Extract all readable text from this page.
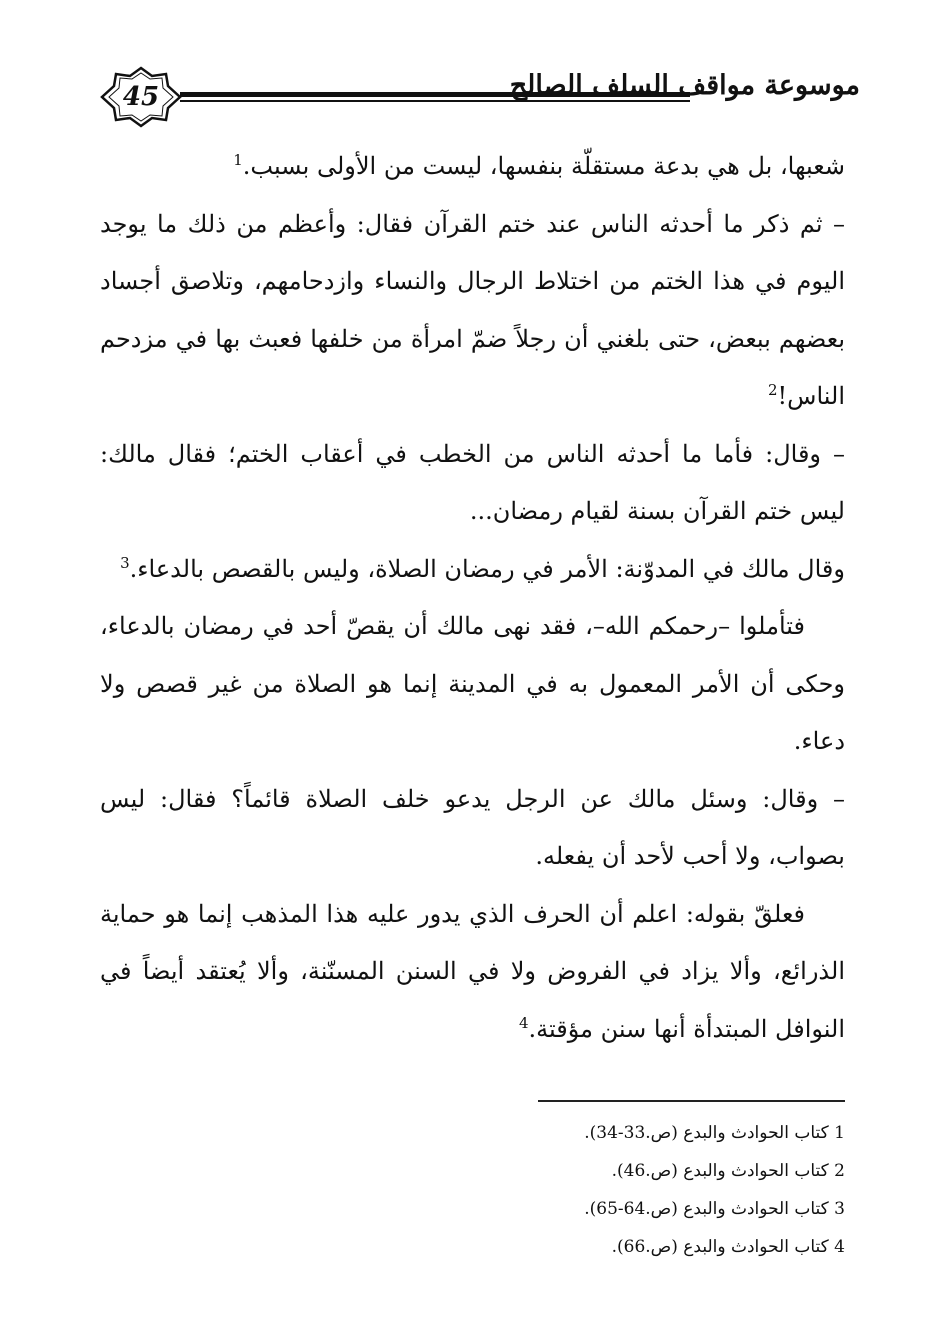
45	موسوعة مواقف السلف الصالح

شعبها، بل هي بدعة مستقلّة بنفسها، ليست من الأولى بسبب.$^1$

– ثم ذكر ما أحدثه الناس عند ختم القرآن فقال: وأعظم من ذلك ما يوجد اليوم في هذا الختم من اختلاط الرجال والنساء وازدحامهم، وتلاصق أجساد بعضهم ببعض، حتى بلغني أن رجلاً ضمّ امرأة من خلفها فعبث بها في مزدحم الناس!$^2$

– وقال: فأما ما أحدثه الناس من الخطب في أعقاب الختم؛ فقال مالك: ليس ختم القرآن بسنة لقيام رمضان...

وقال مالك في المدوّنة: الأمر في رمضان الصلاة، وليس بالقصص بالدعاء.$^3$

فتأملوا –رحمكم الله–، فقد نهى مالك أن يقصّ أحد في رمضان بالدعاء، وحكى أن الأمر المعمول به في المدينة إنما هو الصلاة من غير قصص ولا دعاء.

– وقال: وسئل مالك عن الرجل يدعو خلف الصلاة قائماً؟ فقال: ليس بصواب، ولا أحب لأحد أن يفعله.

فعلقّ بقوله: اعلم أن الحرف الذي يدور عليه هذا المذهب إنما هو حماية الذرائع، وألا يزاد في الفروض ولا في السنن المسنّنة، وألا يُعتقد أيضاً في النوافل المبتدأة أنها سنن مؤقتة.$^4$

1 كتاب الحوادث والبدع (ص.33-34).
2 كتاب الحوادث والبدع (ص.46).
3 كتاب الحوادث والبدع (ص.64-65).
4 كتاب الحوادث والبدع (ص.66).
